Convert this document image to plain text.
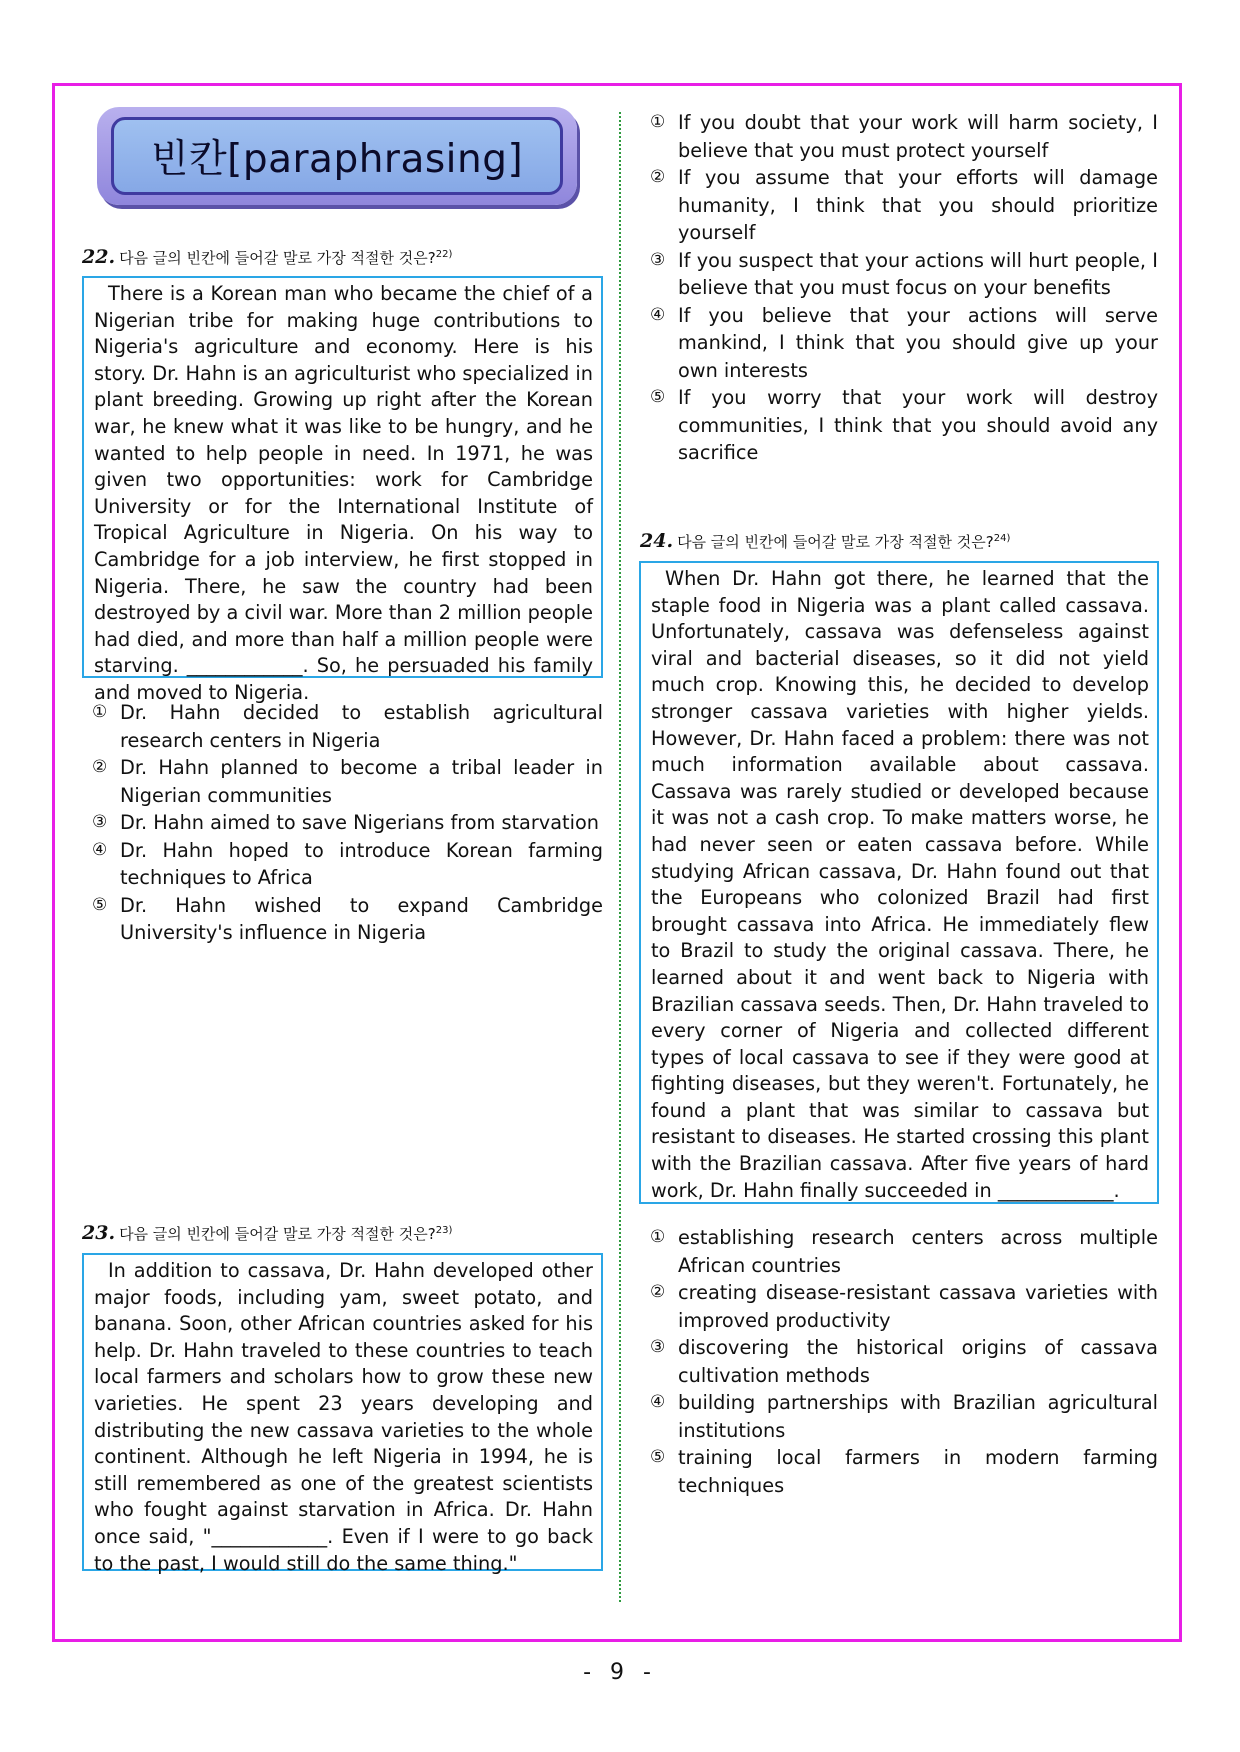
빈칸[paraphrasing]
22. 다음 글의 빈칸에 들어갈 말로 가장 적절한 것은?$^{22)}$

There is a Korean man who became the chief of a Nigerian tribe for making huge contributions to Nigeria's agriculture and economy. Here is his story. Dr. Hahn is an agriculturist who specialized in plant breeding. Growing up right after the Korean war, he knew what it was like to be hungry, and he wanted to help people in need. In 1971, he was given two opportunities: work for Cambridge University or for the International Institute of Tropical Agriculture in Nigeria. On his way to Cambridge for a job interview, he first stopped in Nigeria. There, he saw the country had been destroyed by a civil war. More than 2 million people had died, and more than half a million people were starving. ____________. So, he persuaded his family and moved to Nigeria.

① Dr. Hahn decided to establish agricultural research centers in Nigeria
② Dr. Hahn planned to become a tribal leader in Nigerian communities
③ Dr. Hahn aimed to save Nigerians from starvation
④ Dr. Hahn hoped to introduce Korean farming techniques to Africa
⑤ Dr. Hahn wished to expand Cambridge University's influence in Nigeria
23. 다음 글의 빈칸에 들어갈 말로 가장 적절한 것은?$^{23)}$

In addition to cassava, Dr. Hahn developed other major foods, including yam, sweet potato, and banana. Soon, other African countries asked for his help. Dr. Hahn traveled to these countries to teach local farmers and scholars how to grow these new varieties. He spent 23 years developing and distributing the new cassava varieties to the whole continent. Although he left Nigeria in 1994, he is still remembered as one of the greatest scientists who fought against starvation in Africa. Dr. Hahn once said, "____________. Even if I were to go back to the past, I would still do the same thing."

① If you doubt that your work will harm society, I believe that you must protect yourself
② If you assume that your efforts will damage humanity, I think that you should prioritize yourself
③ If you suspect that your actions will hurt people, I believe that you must focus on your benefits
④ If you believe that your actions will serve mankind, I think that you should give up your own interests
⑤ If you worry that your work will destroy communities, I think that you should avoid any sacrifice
24. 다음 글의 빈칸에 들어갈 말로 가장 적절한 것은?$^{24)}$

When Dr. Hahn got there, he learned that the staple food in Nigeria was a plant called cassava. Unfortunately, cassava was defenseless against viral and bacterial diseases, so it did not yield much crop. Knowing this, he decided to develop stronger cassava varieties with higher yields. However, Dr. Hahn faced a problem: there was not much information available about cassava. Cassava was rarely studied or developed because it was not a cash crop. To make matters worse, he had never seen or eaten cassava before. While studying African cassava, Dr. Hahn found out that the Europeans who colonized Brazil had first brought cassava into Africa. He immediately flew to Brazil to study the original cassava. There, he learned about it and went back to Nigeria with Brazilian cassava seeds. Then, Dr. Hahn traveled to every corner of Nigeria and collected different types of local cassava to see if they were good at fighting diseases, but they weren't. Fortunately, he found a plant that was similar to cassava but resistant to diseases. He started crossing this plant with the Brazilian cassava. After five years of hard work, Dr. Hahn finally succeeded in ____________.

① establishing research centers across multiple African countries
② creating disease-resistant cassava varieties with improved productivity
③ discovering the historical origins of cassava cultivation methods
④ building partnerships with Brazilian agricultural institutions
⑤ training local farmers in modern farming techniques
- 9 -
